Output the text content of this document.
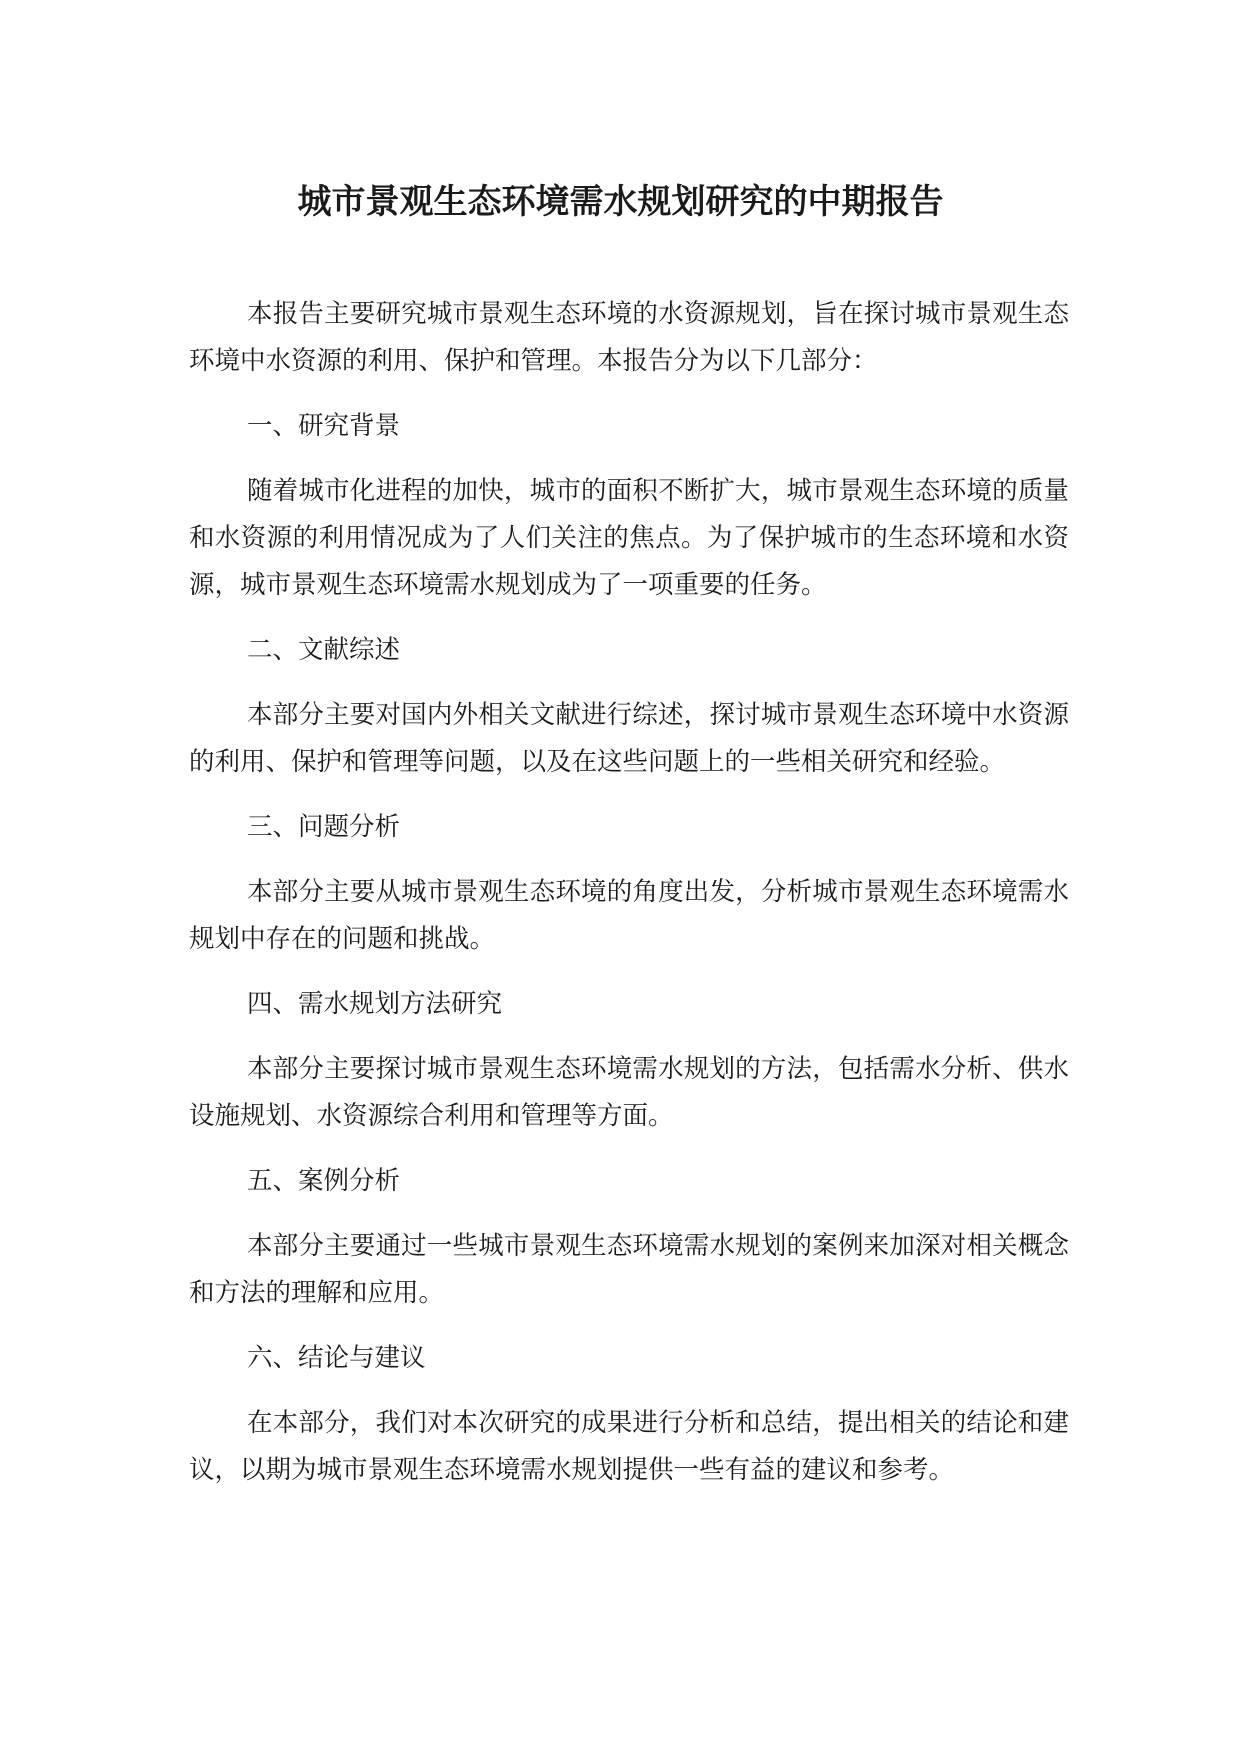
城市景观生态环境需水规划研究的中期报告

本报告主要研究城市景观生态环境的水资源规划，旨在探讨城市景观生态环境中水资源的利用、保护和管理。本报告分为以下几部分：

一、研究背景

随着城市化进程的加快，城市的面积不断扩大，城市景观生态环境的质量和水资源的利用情况成为了人们关注的焦点。为了保护城市的生态环境和水资源，城市景观生态环境需水规划成为了一项重要的任务。

二、文献综述

本部分主要对国内外相关文献进行综述，探讨城市景观生态环境中水资源的利用、保护和管理等问题，以及在这些问题上的一些相关研究和经验。

三、问题分析

本部分主要从城市景观生态环境的角度出发，分析城市景观生态环境需水规划中存在的问题和挑战。

四、需水规划方法研究

本部分主要探讨城市景观生态环境需水规划的方法，包括需水分析、供水设施规划、水资源综合利用和管理等方面。

五、案例分析

本部分主要通过一些城市景观生态环境需水规划的案例来加深对相关概念和方法的理解和应用。

六、结论与建议

在本部分，我们对本次研究的成果进行分析和总结，提出相关的结论和建议，以期为城市景观生态环境需水规划提供一些有益的建议和参考。
